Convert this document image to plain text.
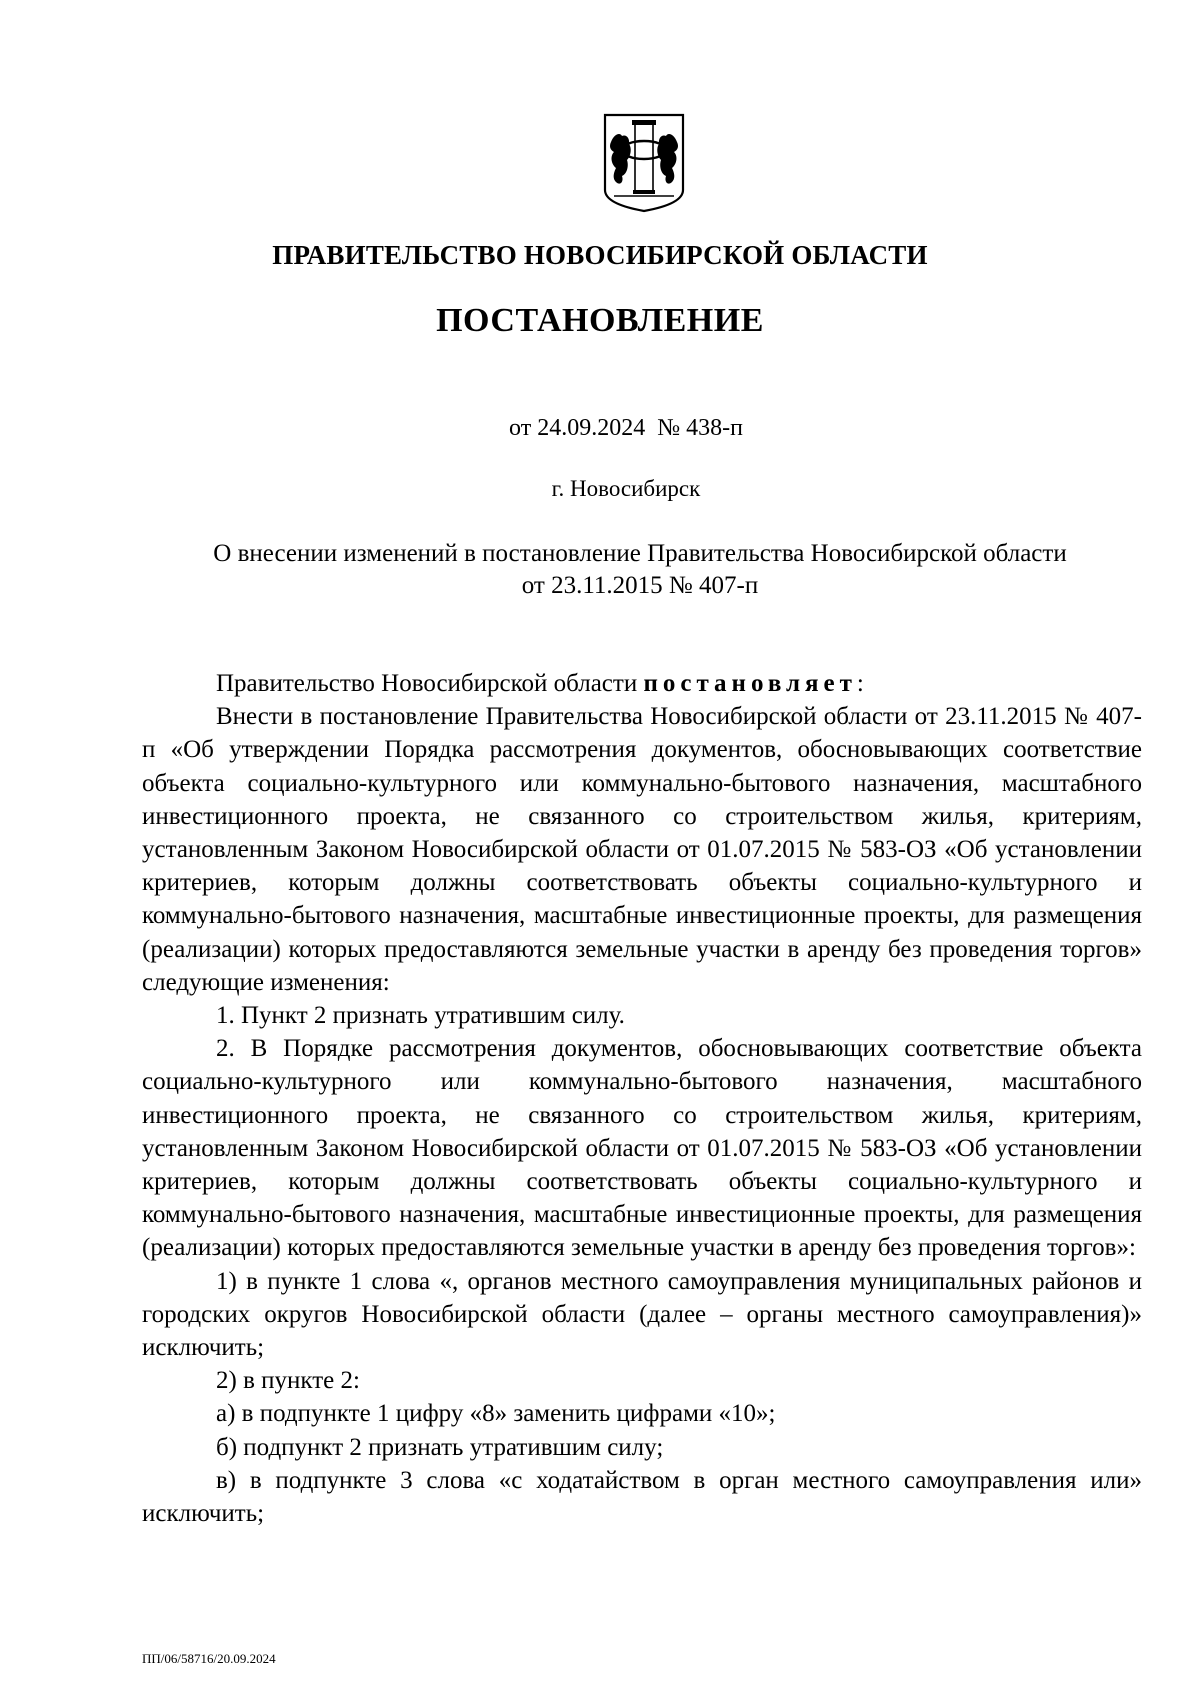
ПРАВИТЕЛЬСТВО НОВОСИБИРСКОЙ ОБЛАСТИ
ПОСТАНОВЛЕНИЕ
от 24.09.2024  № 438-п
г. Новосибирск
О внесении изменений в постановление Правительства Новосибирской области
от 23.11.2015 № 407-п

Правительство Новосибирской области постановляет:

Внести в постановление Правительства Новосибирской области от 23.11.2015 № 407-п «Об утверждении Порядка рассмотрения документов, обосновывающих соответствие объекта социально-культурного или коммунально-бытового назначения, масштабного инвестиционного проекта, не связанного со строительством жилья, критериям, установленным Законом Новосибирской области от 01.07.2015 № 583-ОЗ «Об установлении критериев, которым должны соответствовать объекты социально-культурного и коммунально-бытового назначения, масштабные инвестиционные проекты, для размещения (реализации) которых предоставляются земельные участки в аренду без проведения торгов» следующие изменения:

1. Пункт 2 признать утратившим силу.

2. В Порядке рассмотрения документов, обосновывающих соответствие объекта социально-культурного или коммунально-бытового назначения, масштабного инвестиционного проекта, не связанного со строительством жилья, критериям, установленным Законом Новосибирской области от 01.07.2015 № 583-ОЗ «Об установлении критериев, которым должны соответствовать объекты социально-культурного и коммунально-бытового назначения, масштабные инвестиционные проекты, для размещения (реализации) которых предоставляются земельные участки в аренду без проведения торгов»:

1) в пункте 1 слова «, органов местного самоуправления муниципальных районов и городских округов Новосибирской области (далее – органы местного самоуправления)» исключить;

2) в пункте 2:

а) в подпункте 1 цифру «8» заменить цифрами «10»;

б) подпункт 2 признать утратившим силу;

в) в подпункте 3 слова «с ходатайством в орган местного самоуправления или» исключить;

ПП/06/58716/20.09.2024
